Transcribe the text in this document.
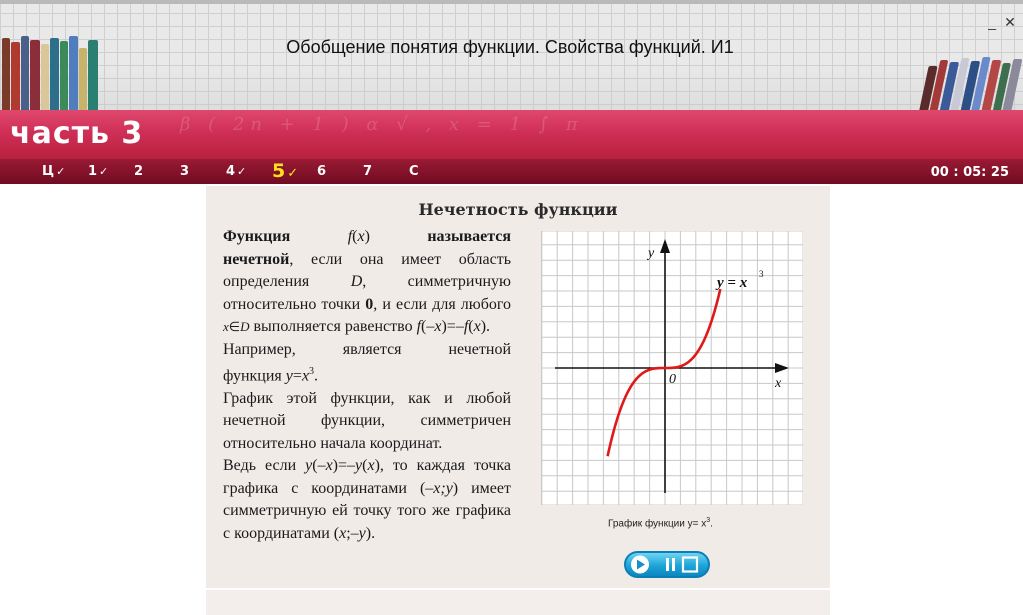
Обобщение понятия функции. Свойства функций. И1
_ ✕
β ( 2n + 1 ) α √ , x = 1 ∫ π
часть 3
Ц ✓ 1 ✓ 2	3	4 ✓ 5 ✓ 6	7	С	00 : 05: 25
Нечетность функции

Функция	f(x)         называется нечетной, если она имеет область определения D, симметричную относительно точки 0, и если для любого x∈D выполняется равенство f(–x)=–f(x).

Например,        является        нечетной функция $y=x^3$.

График этой функции, как и любой нечетной функции, симметричен относительно начала координат.

Ведь если y(–x)=–y(x), то каждая точка графика с координатами (–x;y) имеет симметричную ей точку того же графика с координатами (x;–y).

y
x
0
y = x
3
График функции $y= x^3$.
